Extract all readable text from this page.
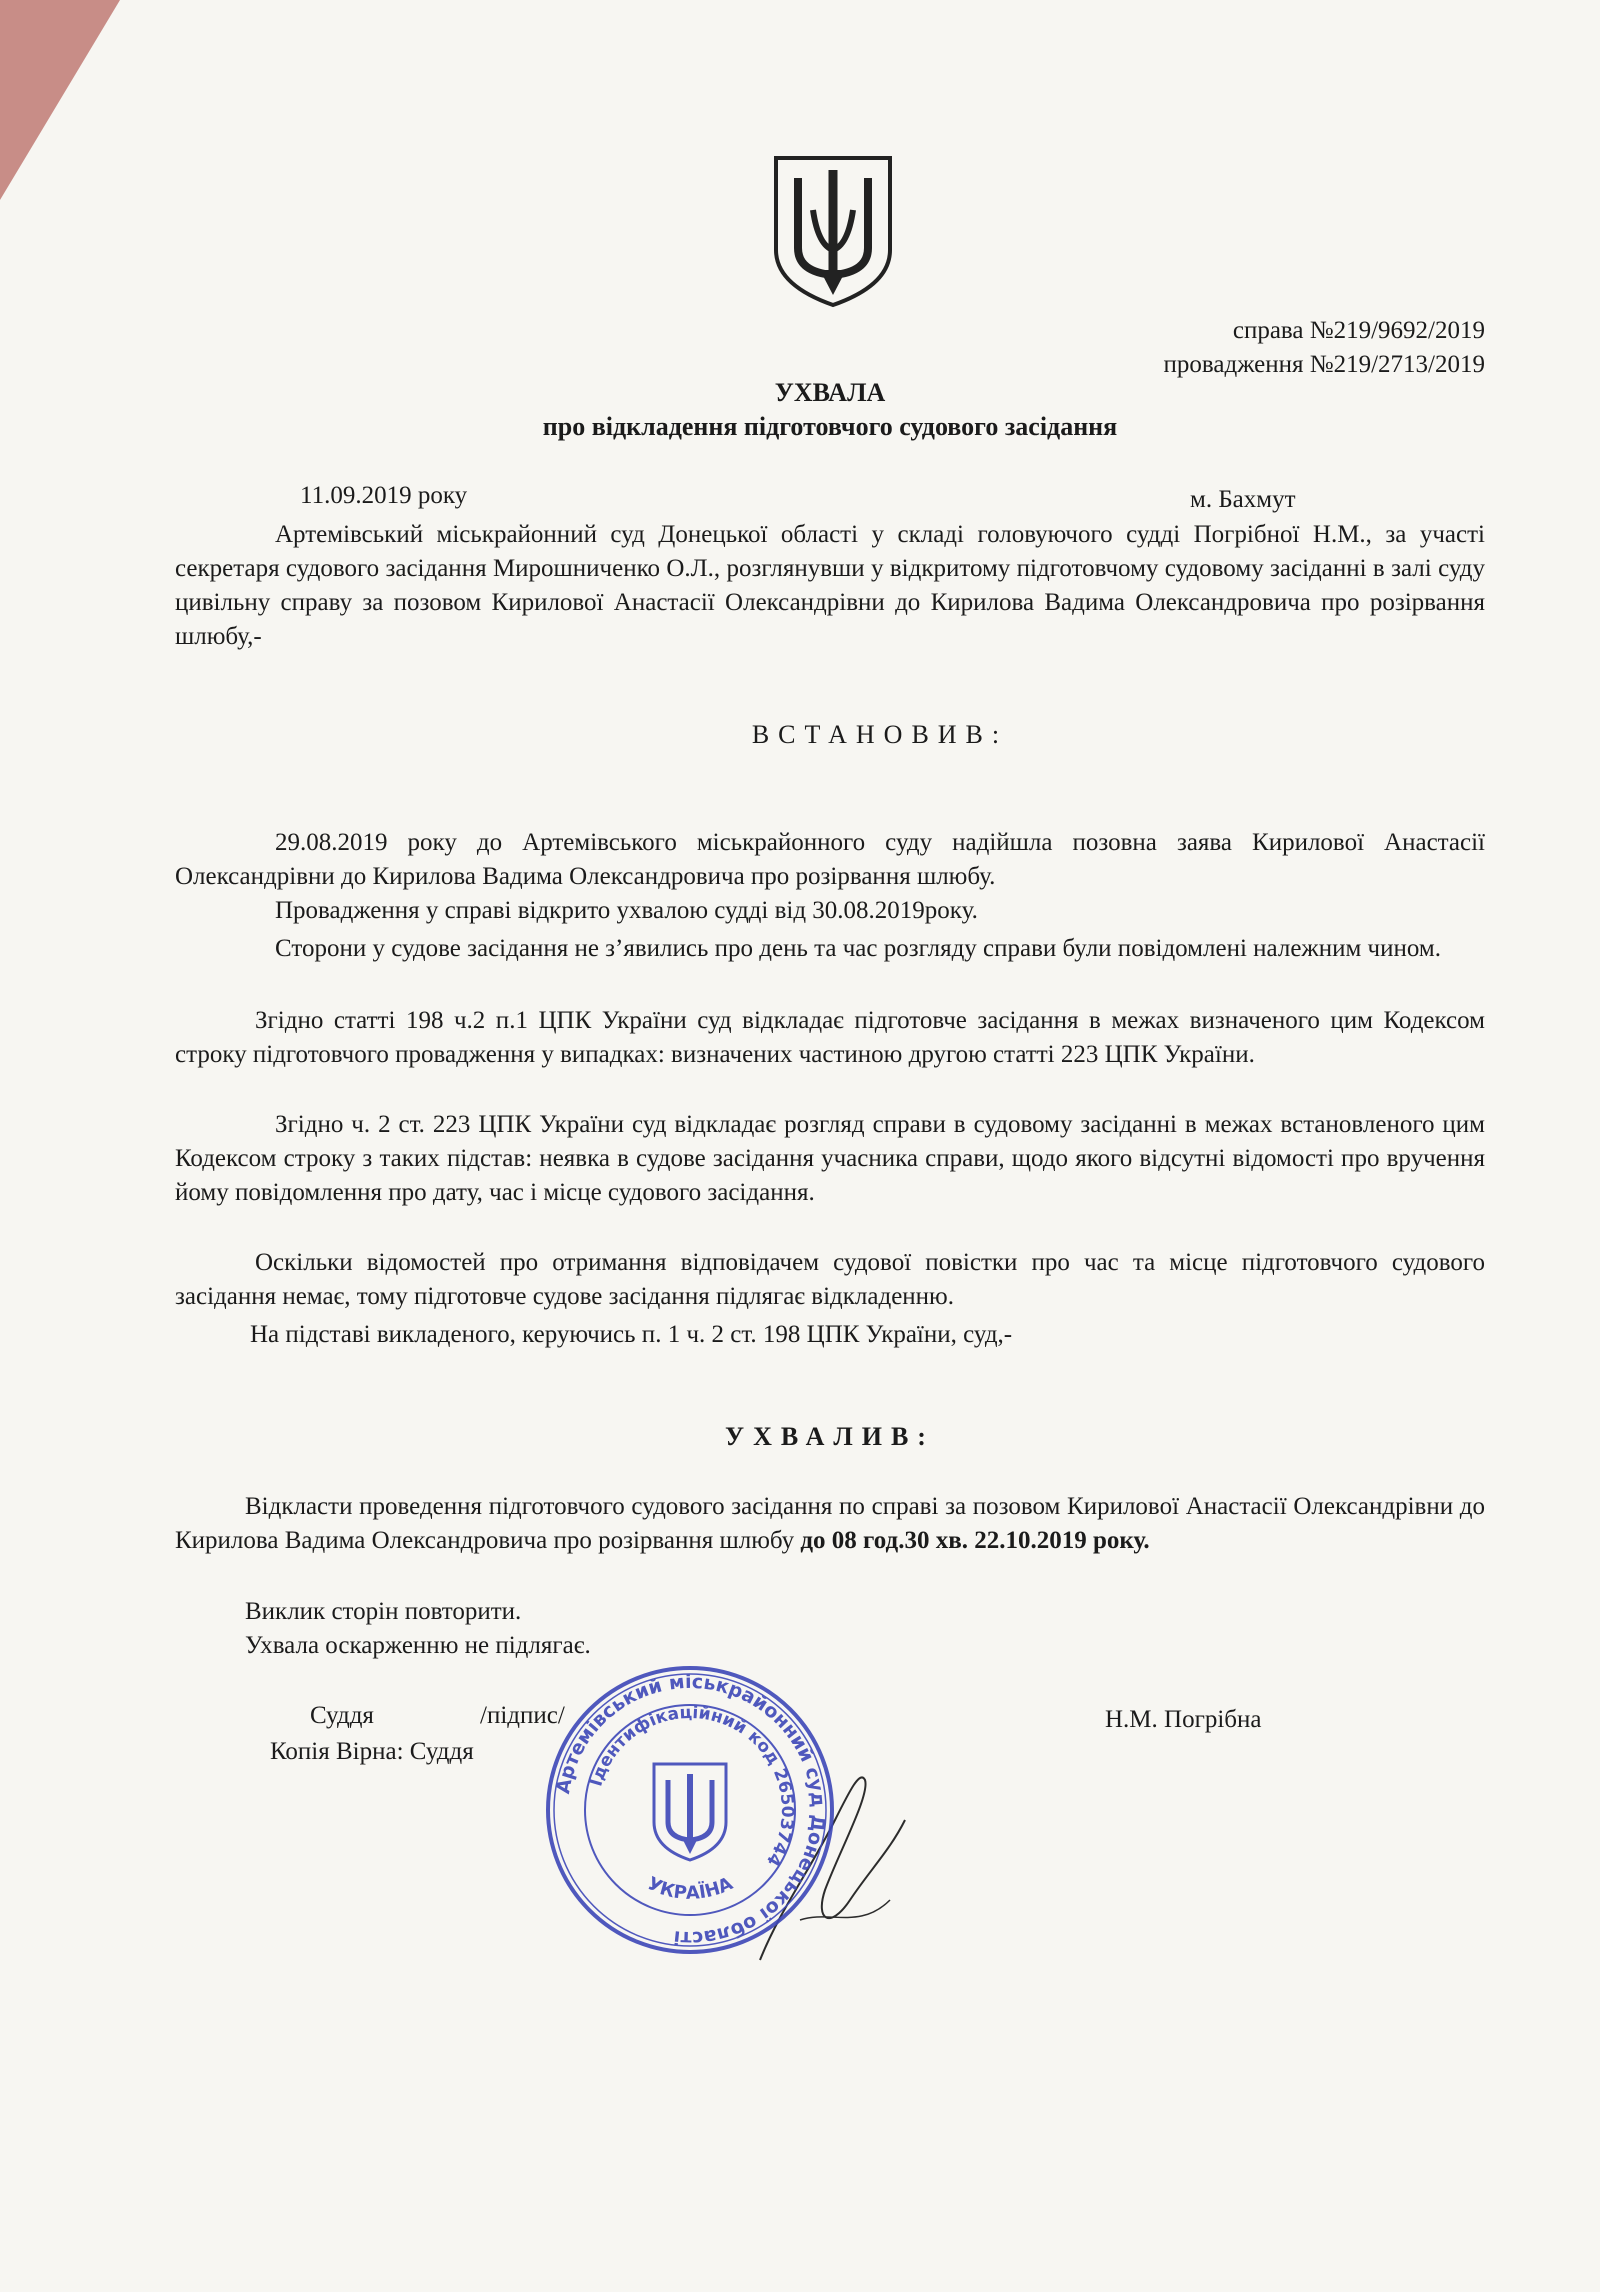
справа №219/9692/2019
провадження №219/2713/2019
УХВАЛА
про відкладення підготовчого судового засідання
11.09.2019 року	м. Бахмут
Артемівський міськрайонний суд Донецької області у складі головуючого судді Погрібної Н.М., за участі секретаря судового засідання Мирошниченко О.Л., розглянувши у відкритому підготовчому судовому засіданні в залі суду цивільну справу за позовом Кирилової Анастасії Олександрівни до Кирилова Вадима Олександровича про розірвання шлюбу,-
ВСТАНОВИВ:
29.08.2019 року до Артемівського міськрайонного суду надійшла позовна заява Кирилової Анастасії Олександрівни до Кирилова Вадима Олександровича про розірвання шлюбу.
Провадження у справі відкрито ухвалою судді від 30.08.2019року.
Сторони у судове засідання не з’явились про день та час розгляду справи були повідомлені належним чином.
Згідно статті 198 ч.2 п.1 ЦПК України суд відкладає підготовче засідання в межах визначеного цим Кодексом строку підготовчого провадження у випадках: визначених частиною другою статті 223 ЦПК України.
Згідно ч. 2 ст. 223 ЦПК України суд відкладає розгляд справи в судовому засіданні в межах встановленого цим Кодексом строку з таких підстав: неявка в судове засідання учасника справи, щодо якого відсутні відомості про вручення йому повідомлення про дату, час і місце судового засідання.
Оскільки відомостей про отримання відповідачем судової повістки про час та місце підготовчого судового засідання немає, тому підготовче судове засідання підлягає відкладенню.
На підставі викладеного, керуючись п. 1 ч. 2 ст. 198 ЦПК України, суд,-
УХВАЛИВ:
Відкласти проведення підготовчого судового засідання по справі за позовом Кирилової Анастасії Олександрівни до Кирилова Вадима Олександровича про розірвання шлюбу до 08 год.30 хв. 22.10.2019 року.
Виклик сторін повторити.
Ухвала оскарженню не підлягає.
Суддя	/підпис/
Копія Вірна: Суддя
Н.М. Погрібна
Артемівський міськрайонний суд Донецької області
Ідентифікаційний код 26503744
УКРАЇНА
